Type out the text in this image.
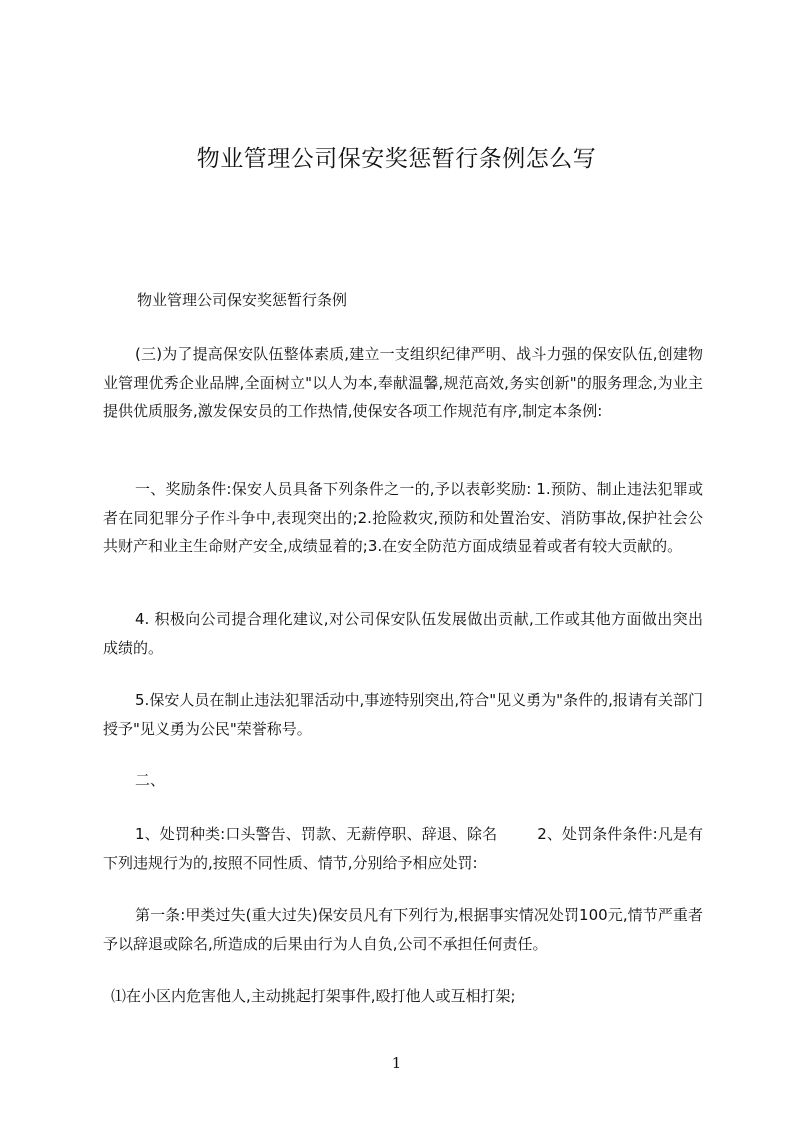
物业管理公司保安奖惩暂行条例怎么写

物业管理公司保安奖惩暂行条例

(三)为了提高保安队伍整体素质,建立一支组织纪律严明、战斗力强的保安队伍,创建物业管理优秀企业品牌,全面树立"以人为本,奉献温馨,规范高效,务实创新"的服务理念,为业主提供优质服务,激发保安员的工作热情,使保安各项工作规范有序,制定本条例:

一、奖励条件:保安人员具备下列条件之一的,予以表彰奖励: 1.预防、制止违法犯罪或者在同犯罪分子作斗争中,表现突出的;2.抢险救灾,预防和处置治安、消防事故,保护社会公共财产和业主生命财产安全,成绩显着的;3.在安全防范方面成绩显着或者有较大贡献的。

4. 积极向公司提合理化建议,对公司保安队伍发展做出贡献,工作或其他方面做出突出成绩的。

5.保安人员在制止违法犯罪活动中,事迹特别突出,符合"见义勇为"条件的,报请有关部门授予"见义勇为公民"荣誉称号。

二、

1、处罚种类:口头警告、罚款、无薪停职、辞退、除名	2、处罚条件条件:凡是有下列违规行为的,按照不同性质、情节,分别给予相应处罚:

第一条:甲类过失(重大过失)保安员凡有下列行为,根据事实情况处罚100元,情节严重者予以辞退或除名,所造成的后果由行为人自负,公司不承担任何责任。

⑴在小区内危害他人,主动挑起打架事件,殴打他人或互相打架;

1
